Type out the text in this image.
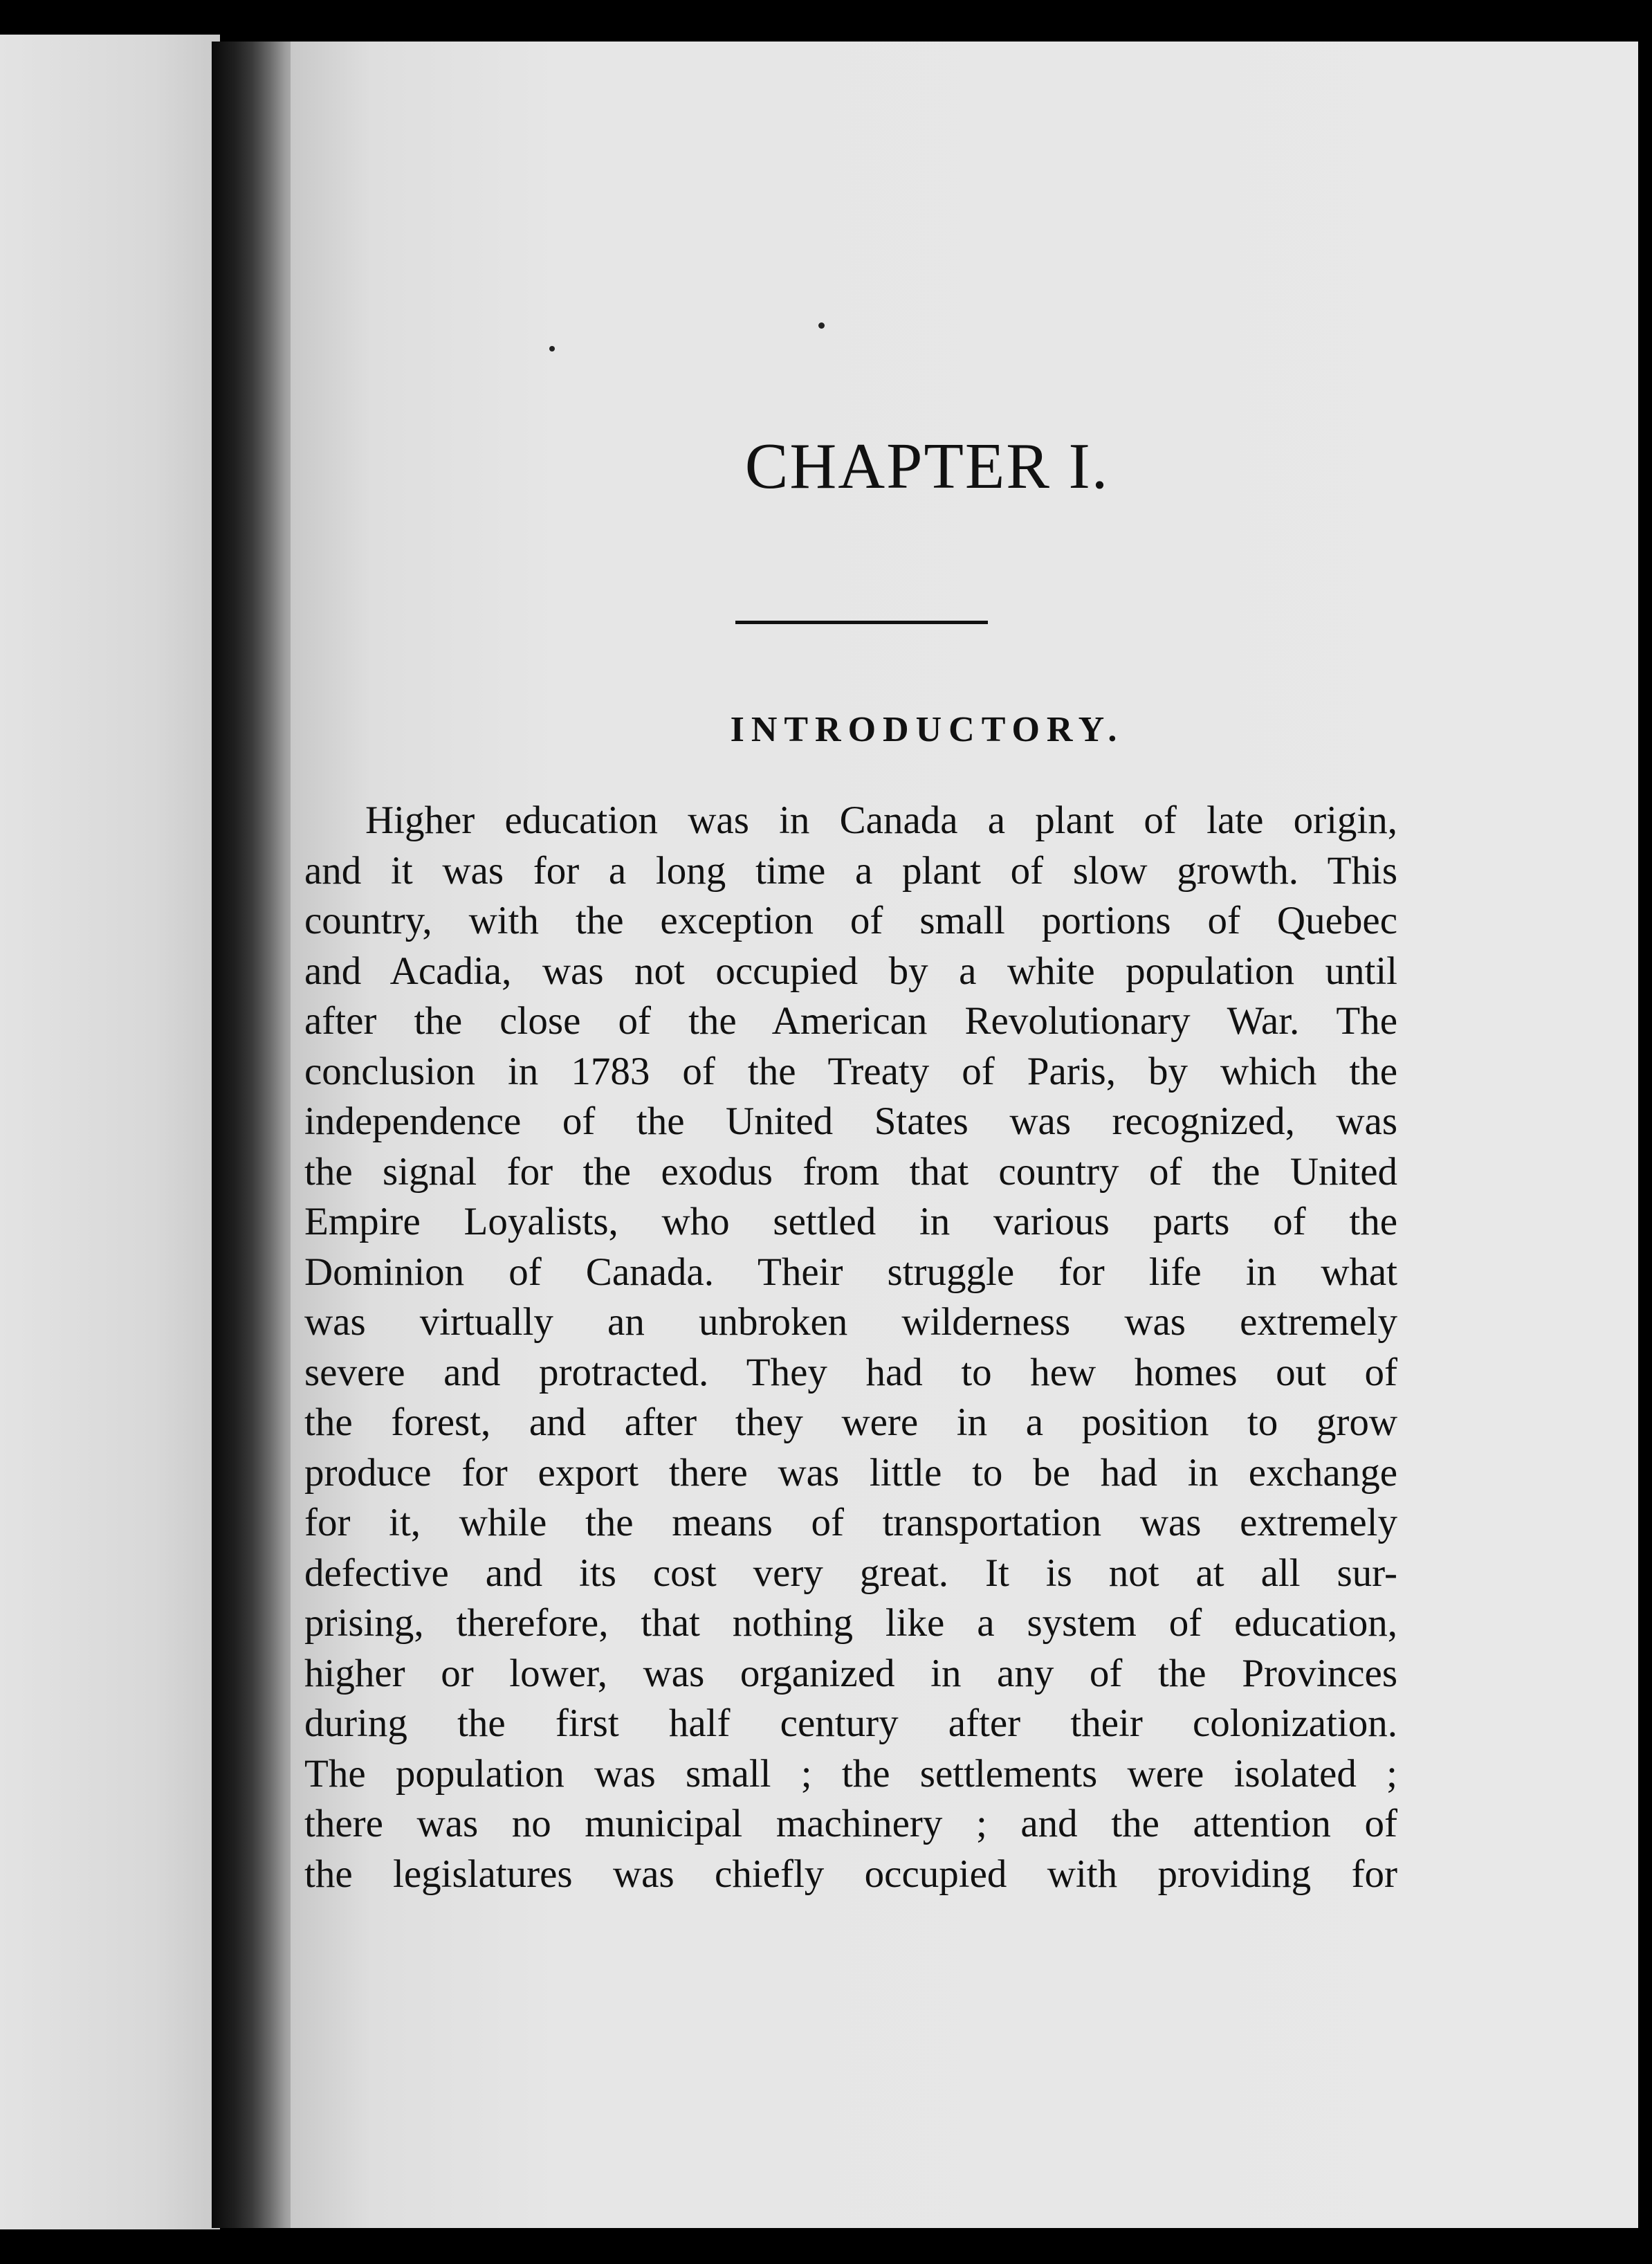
CHAPTER I.
INTRODUCTORY.
Higher education was in Canada a plant of late origin,
and it was for a long time a plant of slow growth. This
country, with the exception of small portions of Quebec
and Acadia, was not occupied by a white population until
after the close of the American Revolutionary War. The
conclusion in 1783 of the Treaty of Paris, by which the
independence of the United States was recognized, was
the signal for the exodus from that country of the United
Empire Loyalists, who settled in various parts of the
Dominion of Canada. Their struggle for life in what
was virtually an unbroken wilderness was extremely
severe and protracted. They had to hew homes out of
the forest, and after they were in a position to grow
produce for export there was little to be had in exchange
for it, while the means of transportation was extremely
defective and its cost very great. It is not at all sur-
prising, therefore, that nothing like a system of education,
higher or lower, was organized in any of the Provinces
during the first half century after their colonization.
The population was small ; the settlements were isolated ;
there was no municipal machinery ; and the attention of
the legislatures was chiefly occupied with providing for
